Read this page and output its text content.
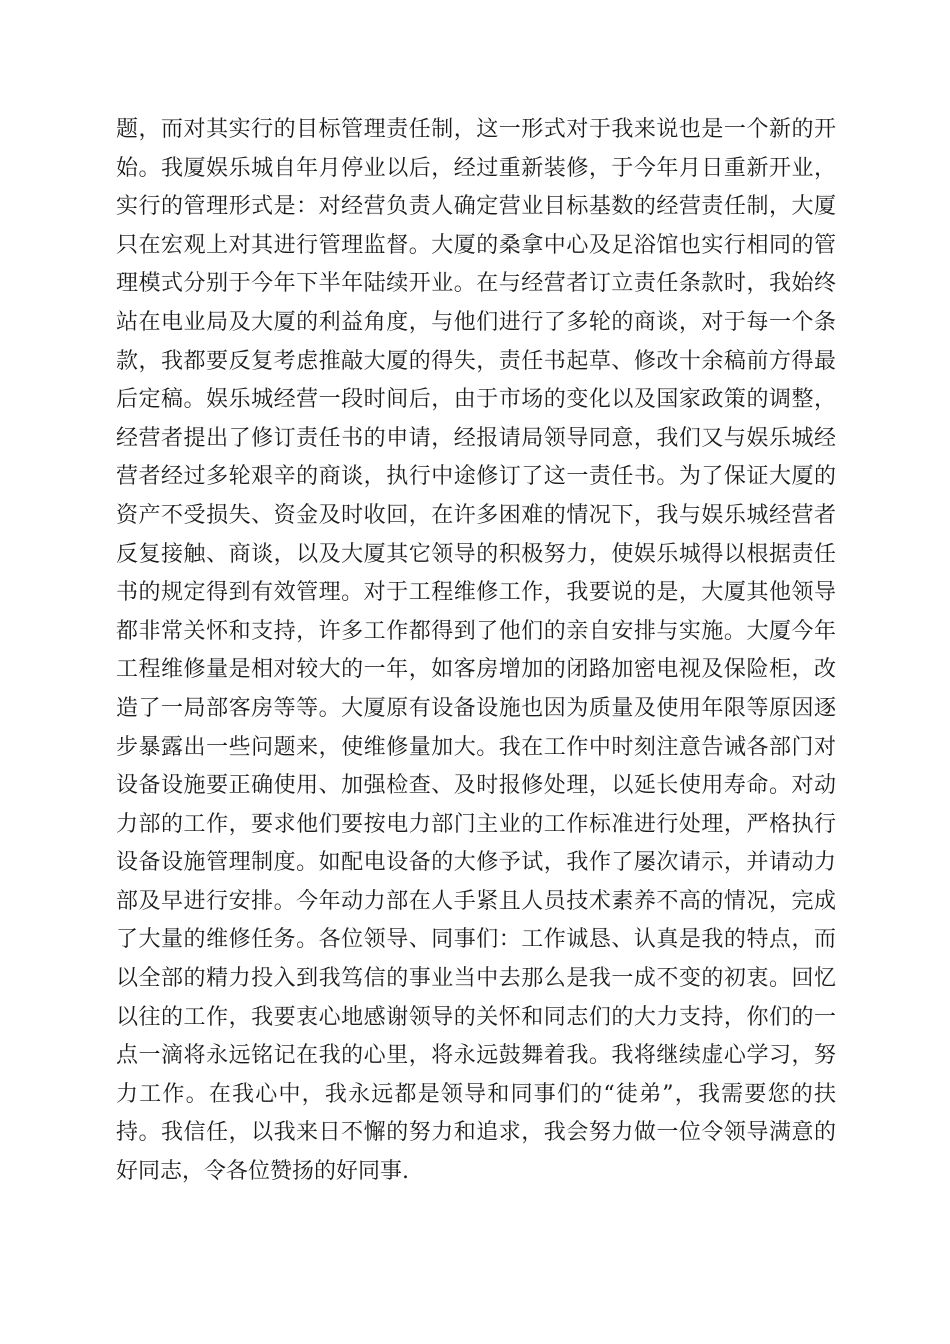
题，而对其实行的目标管理责任制，这一形式对于我来说也是一个新的开
始。我厦娱乐城自年月停业以后，经过重新装修，于今年月日重新开业，
实行的管理形式是：对经营负责人确定营业目标基数的经营责任制，大厦
只在宏观上对其进行管理监督。大厦的桑拿中心及足浴馆也实行相同的管
理模式分别于今年下半年陆续开业。在与经营者订立责任条款时，我始终
站在电业局及大厦的利益角度，与他们进行了多轮的商谈，对于每一个条
款，我都要反复考虑推敲大厦的得失，责任书起草、修改十余稿前方得最
后定稿。娱乐城经营一段时间后，由于市场的变化以及国家政策的调整，
经营者提出了修订责任书的申请，经报请局领导同意，我们又与娱乐城经
营者经过多轮艰辛的商谈，执行中途修订了这一责任书。为了保证大厦的
资产不受损失、资金及时收回，在许多困难的情况下，我与娱乐城经营者
反复接触、商谈，以及大厦其它领导的积极努力，使娱乐城得以根据责任
书的规定得到有效管理。对于工程维修工作，我要说的是，大厦其他领导
都非常关怀和支持，许多工作都得到了他们的亲自安排与实施。大厦今年
工程维修量是相对较大的一年，如客房增加的闭路加密电视及保险柜，改
造了一局部客房等等。大厦原有设备设施也因为质量及使用年限等原因逐
步暴露出一些问题来，使维修量加大。我在工作中时刻注意告诫各部门对
设备设施要正确使用、加强检查、及时报修处理，以延长使用寿命。对动
力部的工作，要求他们要按电力部门主业的工作标准进行处理，严格执行
设备设施管理制度。如配电设备的大修予试，我作了屡次请示，并请动力
部及早进行安排。今年动力部在人手紧且人员技术素养不高的情况，完成
了大量的维修任务。各位领导、同事们：工作诚恳、认真是我的特点，而
以全部的精力投入到我笃信的事业当中去那么是我一成不变的初衷。回忆
以往的工作，我要衷心地感谢领导的关怀和同志们的大力支持，你们的一
点一滴将永远铭记在我的心里，将永远鼓舞着我。我将继续虚心学习，努
力工作。在我心中，我永远都是领导和同事们的“徒弟”，我需要您的扶
持。我信任，以我来日不懈的努力和追求，我会努力做一位令领导满意的
好同志，令各位赞扬的好同事.
